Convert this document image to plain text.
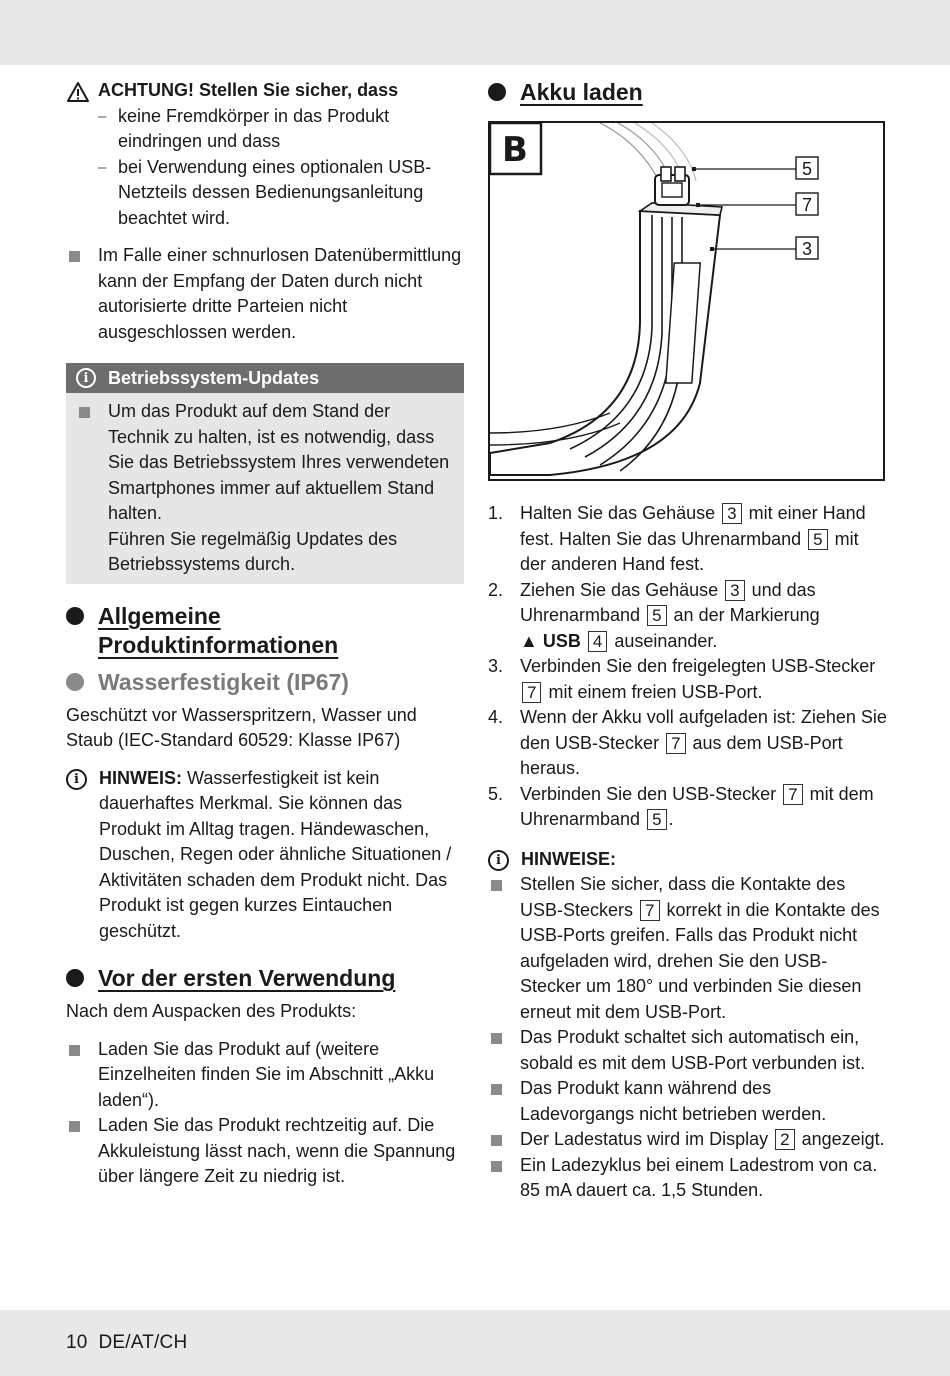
ACHTUNG! Stellen Sie sicher, dass
– keine Fremdkörper in das Produkt eindringen und dass
– bei Verwendung eines optionalen USB-Netzteils dessen Bedienungsanleitung beachtet wird.
Im Falle einer schnurlosen Datenübermittlung kann der Empfang der Daten durch nicht autorisierte dritte Parteien nicht ausgeschlossen werden.
i	Betriebssystem-Updates
Um das Produkt auf dem Stand der Technik zu halten, ist es notwendig, dass Sie das Betriebssystem Ihres verwendeten Smartphones immer auf aktuellem Stand halten.
Führen Sie regelmäßig Updates des Betriebssystems durch.
Allgemeine
Produktinformationen
Wasserfestigkeit (IP67)
Geschützt vor Wasserspritzern, Wasser und Staub (IEC-Standard 60529: Klasse IP67)
i	HINWEIS: Wasserfestigkeit ist kein dauerhaftes Merkmal. Sie können das Produkt im Alltag tragen. Händewaschen, Duschen, Regen oder ähnliche Situationen / Aktivitäten schaden dem Produkt nicht. Das Produkt ist gegen kurzes Eintauchen geschützt.
Vor der ersten Verwendung
Nach dem Auspacken des Produkts:
Laden Sie das Produkt auf (weitere Einzelheiten finden Sie im Abschnitt „Akku laden“).
Laden Sie das Produkt rechtzeitig auf. Die Akkuleistung lässt nach, wenn die Spannung über längere Zeit zu niedrig ist.
Akku laden
B	5
7
3
1. Halten Sie das Gehäuse 3 mit einer Hand fest. Halten Sie das Uhrenarmband 5 mit der anderen Hand fest.
2. Ziehen Sie das Gehäuse 3 und das Uhrenarmband 5 an der Markierung
▲ USB 4 auseinander.
3. Verbinden Sie den freigelegten USB-Stecker 7 mit einem freien USB-Port.
4. Wenn der Akku voll aufgeladen ist: Ziehen Sie den USB-Stecker 7 aus dem USB-Port heraus.
5. Verbinden Sie den USB-Stecker 7 mit dem Uhrenarmband 5 .
i	HINWEISE:
Stellen Sie sicher, dass die Kontakte des USB-Steckers 7 korrekt in die Kontakte des USB-Ports greifen. Falls das Produkt nicht aufgeladen wird, drehen Sie den USB-Stecker um 180° und verbinden Sie diesen erneut mit dem USB-Port.
Das Produkt schaltet sich automatisch ein, sobald es mit dem USB-Port verbunden ist.
Das Produkt kann während des Ladevorgangs nicht betrieben werden.
Der Ladestatus wird im Display 2 angezeigt.
Ein Ladezyklus bei einem Ladestrom von ca. 85 mA dauert ca. 1,5 Stunden.
10 DE/AT/CH
